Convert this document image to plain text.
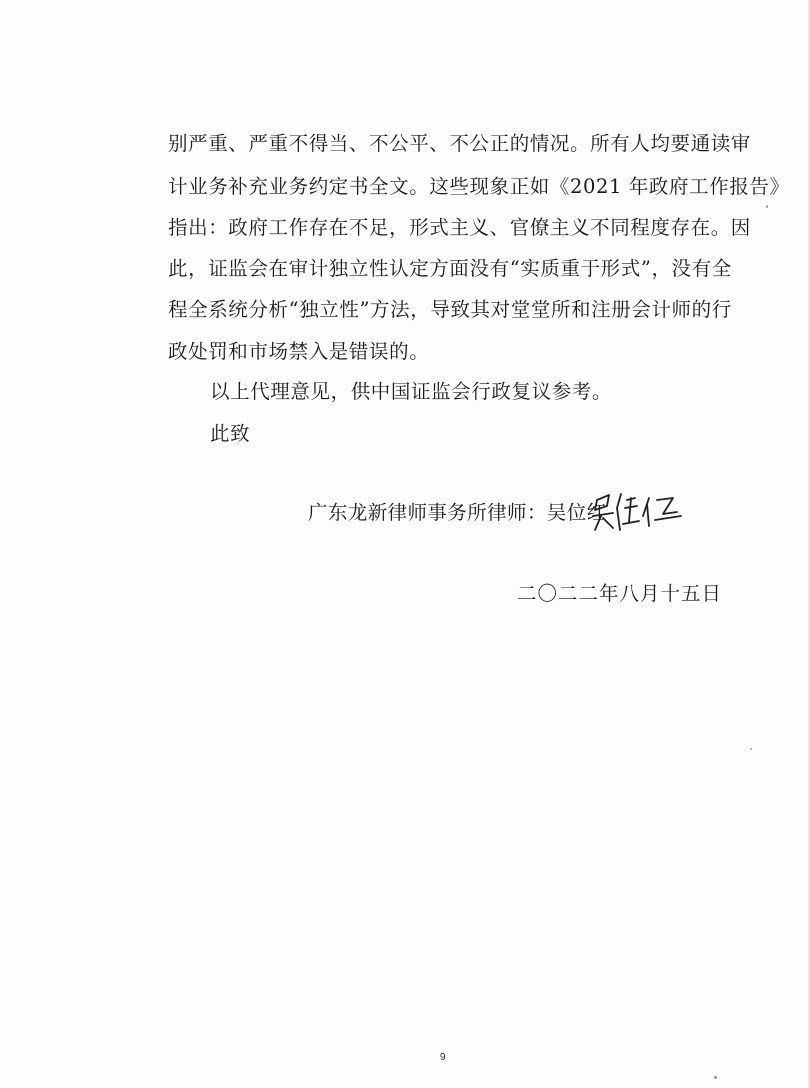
别严重、严重不得当、不公平、不公正的情况。所有人均要通读审
计业务补充业务约定书全文。这些现象正如《2021 年政府工作报告》
指出：政府工作存在不足，形式主义、官僚主义不同程度存在。因
此，证监会在审计独立性认定方面没有“实质重于形式”，没有全
程全系统分析“独立性”方法，导致其对堂堂所和注册会计师的行
政处罚和市场禁入是错误的。
以上代理意见，供中国证监会行政复议参考。
此致
广东龙新律师事务所律师：吴位红
二〇二二年八月十五日
9
